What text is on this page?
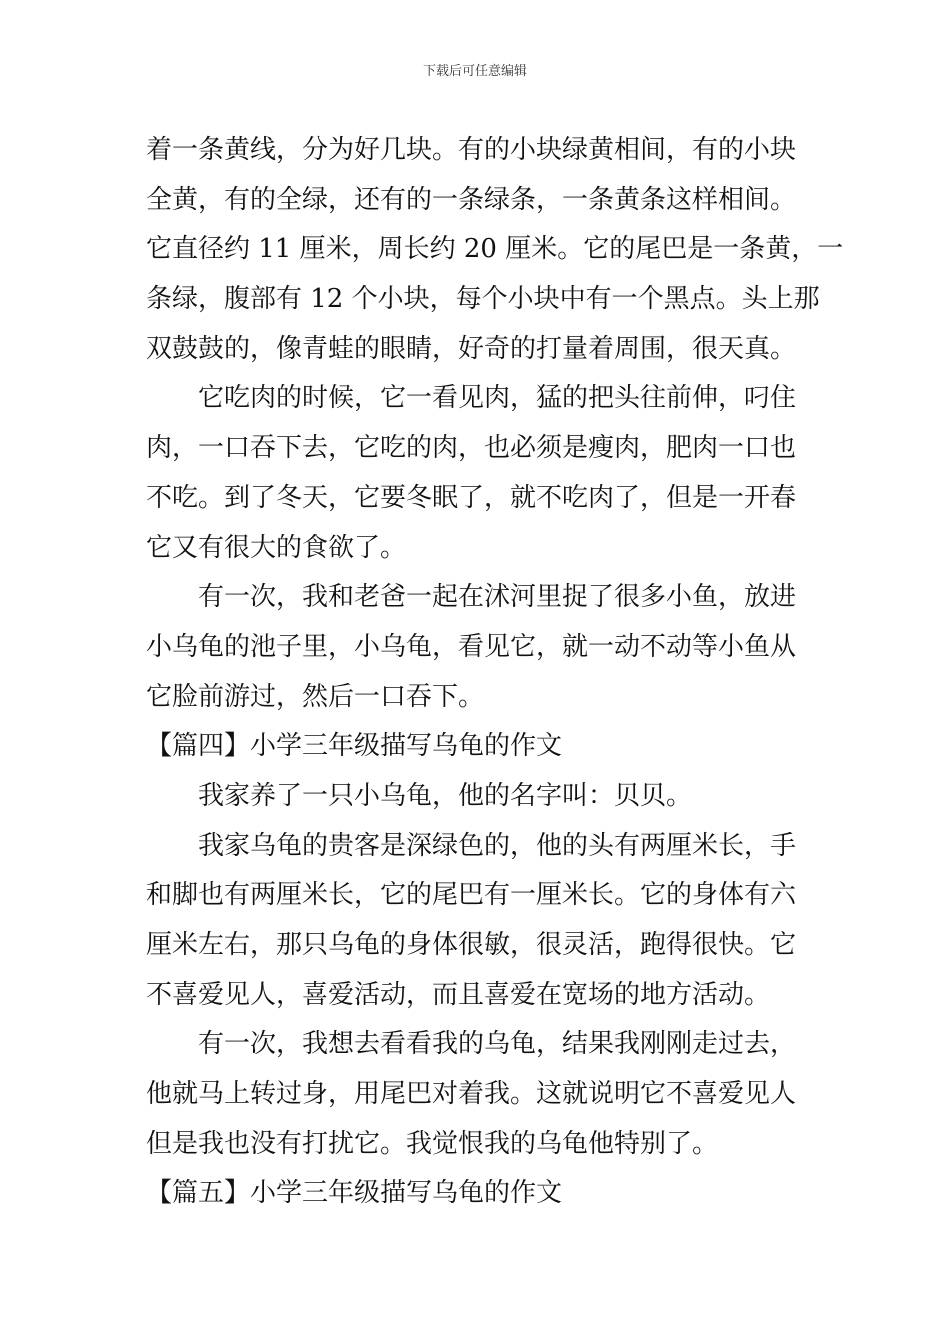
下载后可任意编辑
着一条黄线，分为好几块。有的小块绿黄相间，有的小块
全黄，有的全绿，还有的一条绿条，一条黄条这样相间。
它直径约 11 厘米，周长约 20 厘米。它的尾巴是一条黄，一
条绿，腹部有 12 个小块，每个小块中有一个黑点。头上那
双鼓鼓的，像青蛙的眼睛，好奇的打量着周围，很天真。
它吃肉的时候，它一看见肉，猛的把头往前伸，叼住
肉，一口吞下去，它吃的肉，也必须是瘦肉，肥肉一口也
不吃。到了冬天，它要冬眠了，就不吃肉了，但是一开春
它又有很大的食欲了。
有一次，我和老爸一起在沭河里捉了很多小鱼，放进
小乌龟的池子里，小乌龟，看见它，就一动不动等小鱼从
它脸前游过，然后一口吞下。
【篇四】小学三年级描写乌龟的作文
我家养了一只小乌龟，他的名字叫：贝贝。
我家乌龟的贵客是深绿色的，他的头有两厘米长，手
和脚也有两厘米长，它的尾巴有一厘米长。它的身体有六
厘米左右，那只乌龟的身体很敏，很灵活，跑得很快。它
不喜爱见人，喜爱活动，而且喜爱在宽场的地方活动。
有一次，我想去看看我的乌龟，结果我刚刚走过去，
他就马上转过身，用尾巴对着我。这就说明它不喜爱见人
但是我也没有打扰它。我觉恨我的乌龟他特别了。
【篇五】小学三年级描写乌龟的作文
